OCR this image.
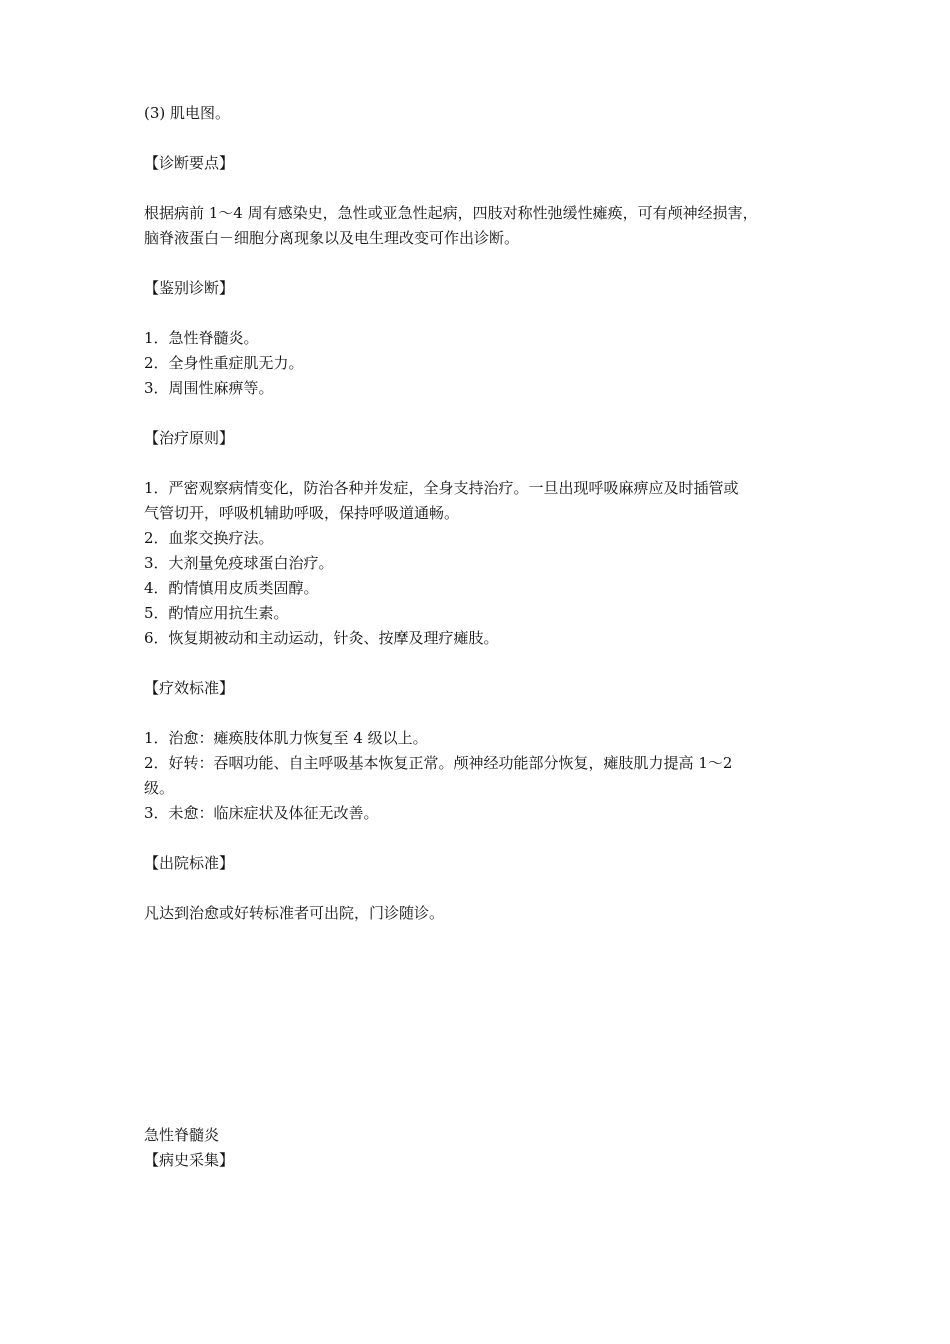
(3) 肌电图。
【诊断要点】
根据病前 1～4 周有感染史，急性或亚急性起病，四肢对称性弛缓性瘫痪，可有颅神经损害，
脑脊液蛋白－细胞分离现象以及电生理改变可作出诊断。
【鉴别诊断】
1．急性脊髓炎。
2．全身性重症肌无力。
3．周围性麻痹等。
【治疗原则】
1．严密观察病情变化，防治各种并发症，全身支持治疗。一旦出现呼吸麻痹应及时插管或
气管切开，呼吸机辅助呼吸，保持呼吸道通畅。
2．血浆交换疗法。
3．大剂量免疫球蛋白治疗。
4．酌情慎用皮质类固醇。
5．酌情应用抗生素。
6．恢复期被动和主动运动，针灸、按摩及理疗瘫肢。
【疗效标准】
1．治愈：瘫痪肢体肌力恢复至 4 级以上。
2．好转：吞咽功能、自主呼吸基本恢复正常。颅神经功能部分恢复，瘫肢肌力提高 1～2
级。
3．未愈：临床症状及体征无改善。
【出院标准】
凡达到治愈或好转标准者可出院，门诊随诊。
急性脊髓炎
【病史采集】
